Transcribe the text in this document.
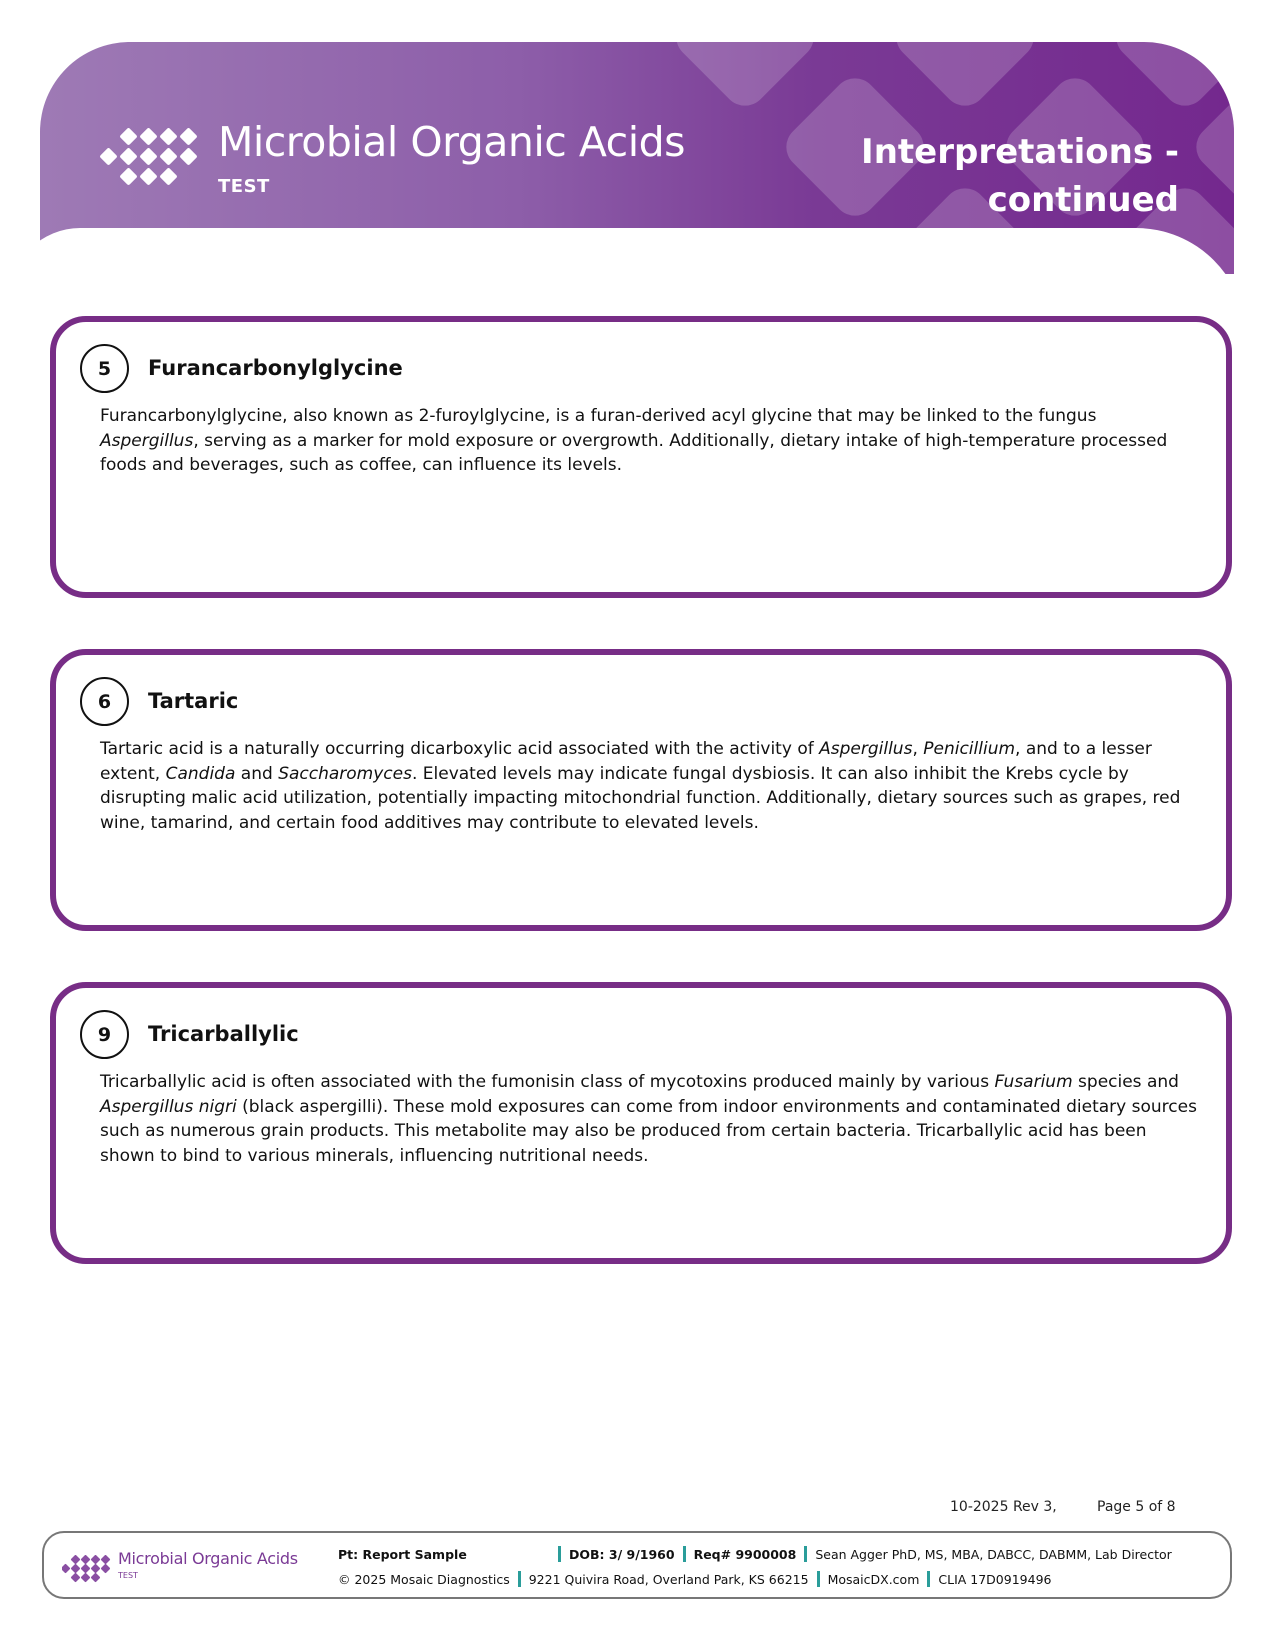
Microbial Organic Acids
TEST
Interpretations -
continued
5	Furancarbonylglycine
Furancarbonylglycine, also known as 2-furoylglycine, is a furan-derived acyl glycine that may be linked to the fungus Aspergillus, serving as a marker for mold exposure or overgrowth. Additionally, dietary intake of high-temperature processed foods and beverages, such as coffee, can influence its levels.
6	Tartaric
Tartaric acid is a naturally occurring dicarboxylic acid associated with the activity of Aspergillus, Penicillium, and to a lesser extent, Candida and Saccharomyces. Elevated levels may indicate fungal dysbiosis. It can also inhibit the Krebs cycle by disrupting malic acid utilization, potentially impacting mitochondrial function. Additionally, dietary sources such as grapes, red wine, tamarind, and certain food additives may contribute to elevated levels.
9	Tricarballylic
Tricarballylic acid is often associated with the fumonisin class of mycotoxins produced mainly by various Fusarium species and Aspergillus nigri (black aspergilli). These mold exposures can come from indoor environments and contaminated dietary sources such as numerous grain products. This metabolite may also be produced from certain bacteria. Tricarballylic acid has been shown to bind to various minerals, influencing nutritional needs.
10-2025 Rev 3,	Page 5 of 8
Microbial Organic Acids
TEST
Pt: Report Sample	DOB: 3/ 9/1960 Req# 9900008 Sean Agger PhD, MS, MBA, DABCC, DABMM, Lab Director
© 2025 Mosaic Diagnostics 9221 Quivira Road, Overland Park, KS 66215 MosaicDX.com CLIA 17D0919496
